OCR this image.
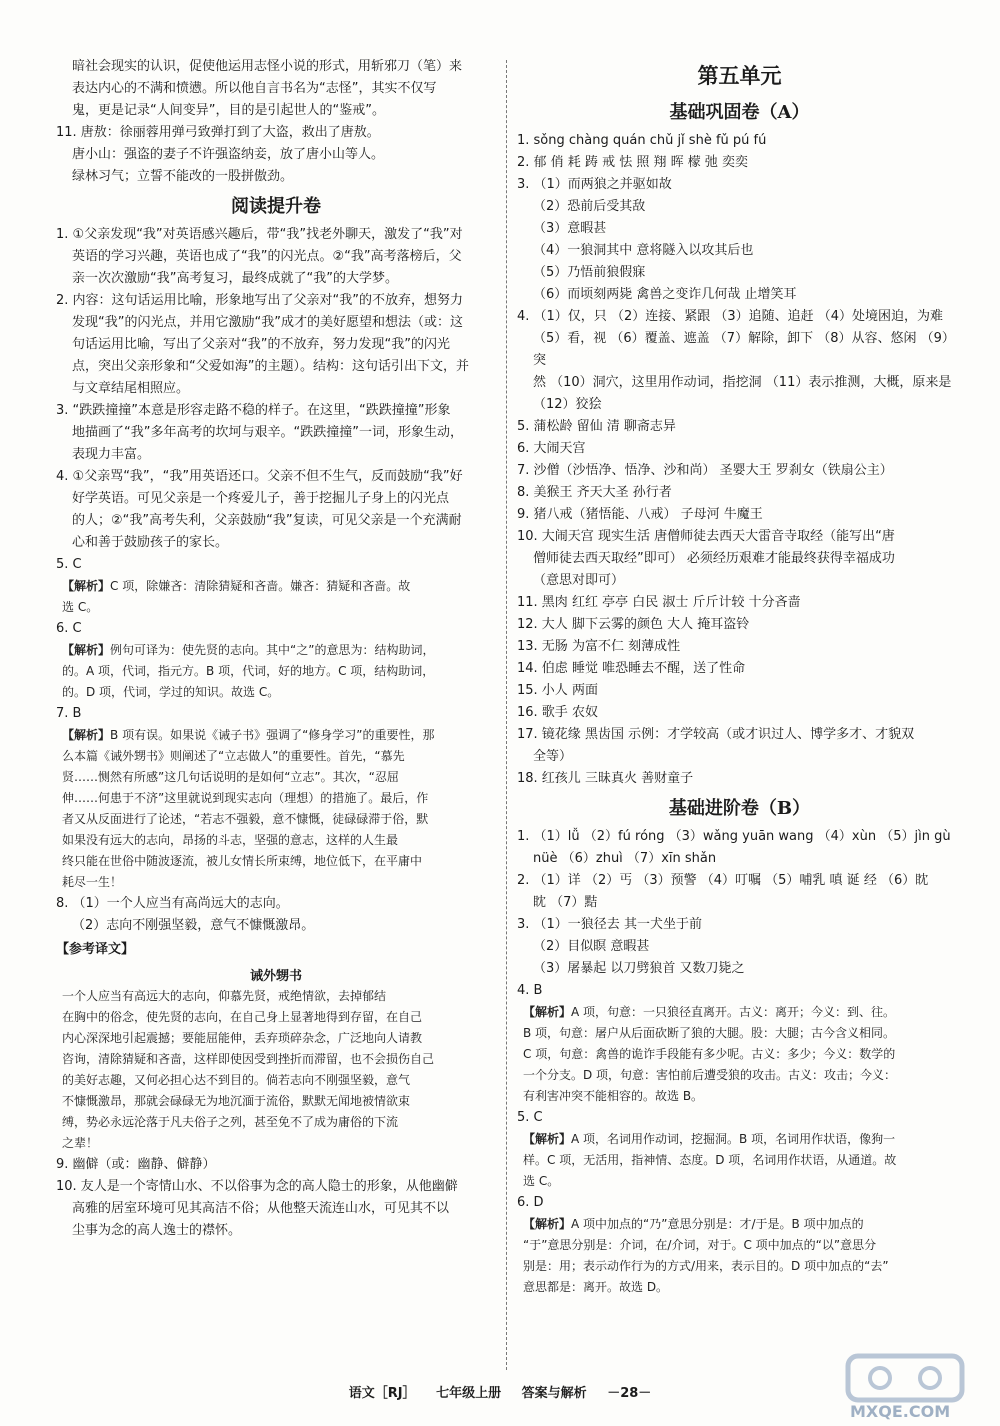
暗社会现实的认识，促使他运用志怪小说的形式，用斩邪刀（笔）来

表达内心的不满和愤懑。所以他自言书名为“志怪”，其实不仅写

鬼，更是记录“人间变异”，目的是引起世人的“鉴戒”。

11. 唐敖：徐丽蓉用弹弓致弹打到了大盗，救出了唐敖。

唐小山：强盗的妻子不许强盗纳妾，放了唐小山等人。

绿林习气；立誓不能改的一股拼傲劲。

阅读提升卷

1. ①父亲发现“我”对英语感兴趣后，带“我”找老外聊天，激发了“我”对

英语的学习兴趣，英语也成了“我”的闪光点。②“我”高考落榜后，父

亲一次次激励“我”高考复习，最终成就了“我”的大学梦。

2. 内容：这句话运用比喻，形象地写出了父亲对“我”的不放弃，想努力

发现“我”的闪光点，并用它激励“我”成才的美好愿望和想法（或：这

句话运用比喻，写出了父亲对“我”的不放弃，努力发现“我”的闪光

点，突出父亲形象和“父爱如海”的主题）。结构：这句话引出下文，并

与文章结尾相照应。

3. “跌跌撞撞”本意是形容走路不稳的样子。在这里，“跌跌撞撞”形象

地描画了“我”多年高考的坎坷与艰辛。“跌跌撞撞”一词，形象生动，

表现力丰富。

4. ①父亲骂“我”，“我”用英语还口。父亲不但不生气，反而鼓励“我”好

好学英语。可见父亲是一个疼爱儿子，善于挖掘儿子身上的闪光点

的人；②“我”高考失利，父亲鼓励“我”复读，可见父亲是一个充满耐

心和善于鼓励孩子的家长。

5. C

【解析】C 项，除嫌吝：清除猜疑和吝啬。嫌吝：猜疑和吝啬。故

选 C。

6. C

【解析】例句可译为：使先贤的志向。其中“之”的意思为：结构助词，

的。A 项，代词，指元方。B 项，代词，好的地方。C 项，结构助词，

的。D 项，代词，学过的知识。故选 C。

7. B

【解析】B 项有误。如果说《诫子书》强调了“修身学习”的重要性，那

么本篇《诫外甥书》则阐述了“立志做人”的重要性。首先，“慕先

贤……恻然有所感”这几句话说明的是如何“立志”。其次，“忍屈

伸……何患于不济”这里就说到现实志向（理想）的措施了。最后，作

者又从反面进行了论述，“若志不强毅，意不慷慨，徒碌碌滞于俗，默

如果没有远大的志向，昂扬的斗志，坚强的意志，这样的人生最

终只能在世俗中随波逐流，被儿女情长所束缚，地位低下，在平庸中

耗尽一生！

8. （1）一个人应当有高尚远大的志向。

（2）志向不刚强坚毅，意气不慷慨激昂。

【参考译文】

诫外甥书

一个人应当有高远大的志向，仰慕先贤，戒绝情欲，去掉郁结

在胸中的俗念，使先贤的志向，在自己身上显著地得到存留，在自己

内心深深地引起震撼；要能屈能伸，丢弃琐碎杂念，广泛地向人请教

咨询，清除猜疑和吝啬，这样即使因受到挫折而滞留，也不会损伤自己

的美好志趣，又何必担心达不到目的。倘若志向不刚强坚毅，意气

不慷慨激昂，那就会碌碌无为地沉湎于流俗，默默无闻地被情欲束

缚，势必永远沦落于凡夫俗子之列，甚至免不了成为庸俗的下流

之辈！

9. 幽僻（或：幽静、僻静）

10. 友人是一个寄情山水、不以俗事为念的高人隐士的形象，从他幽僻

高雅的居室环境可见其高洁不俗；从他整天流连山水，可见其不以

尘事为念的高人逸士的襟怀。

第五单元
基础巩固卷（A）

1. sǒng chàng quán chǔ jǐ shè fǔ pú fú

2. 郁 俏 耗 踌 戒 怯 照 翔 晖 檬 弛 奕奕

3. （1）而两狼之并驱如故

（2）恐前后受其敌

（3）意暇甚

（4）一狼洞其中 意将隧入以攻其后也

（5）乃悟前狼假寐

（6）而顷刻两毙 禽兽之变诈几何哉 止增笑耳

4. （1）仅，只 （2）连接、紧跟 （3）追随、追赶 （4）处境困迫，为难

（5）看，视 （6）覆盖、遮盖 （7）解除，卸下 （8）从容、悠闲 （9）突

然 （10）洞穴，这里用作动词，指挖洞 （11）表示推测，大概，原来是

（12）狡狯

5. 蒲松龄 留仙 清 聊斋志异

6. 大闹天宫

7. 沙僧（沙悟净、悟净、沙和尚） 圣婴大王 罗刹女（铁扇公主）

8. 美猴王 齐天大圣 孙行者

9. 猪八戒（猪悟能、八戒） 子母河 牛魔王

10. 大闹天宫 现实生活 唐僧师徒去西天大雷音寺取经（能写出“唐

僧师徒去西天取经”即可） 必须经历艰难才能最终获得幸福成功

（意思对即可）

11. 黑肉 红红 亭亭 白民 淑士 斤斤计较 十分吝啬

12. 大人 脚下云雾的颜色 大人 掩耳盗铃

13. 无肠 为富不仁 刻薄成性

14. 伯虑 睡觉 唯恐睡去不醒，送了性命

15. 小人 两面

16. 歌手 农奴

17. 镜花缘 黑齿国 示例：才学较高（或才识过人、博学多才、才貌双

全等）

18. 红孩儿 三昧真火 善财童子

基础进阶卷（B）

1. （1）lǚ （2）fú róng （3）wǎng yuān wang （4）xùn （5）jìn gù

nüè （6）zhuì （7）xīn shǎn

2. （1）详 （2）丐 （3）预警 （4）叮嘱 （5）哺乳 嗔 诞 经 （6）眈

眈 （7）黠

3. （1）一狼径去 其一犬坐于前

（2）目似瞑 意暇甚

（3）屠暴起 以刀劈狼首 又数刀毙之

4. B

【解析】A 项，句意：一只狼径直离开。古义：离开；今义：到、往。

B 项，句意：屠户从后面砍断了狼的大腿。股：大腿；古今含义相同。

C 项，句意：禽兽的诡诈手段能有多少呢。古义：多少；今义：数学的

一个分支。D 项，句意：害怕前后遭受狼的攻击。古义：攻击；今义：

有利害冲突不能相容的。故选 B。

5. C

【解析】A 项，名词用作动词，挖掘洞。B 项，名词用作状语，像狗一

样。C 项，无活用，指神情、态度。D 项，名词用作状语，从通道。故

选 C。

6. D

【解析】A 项中加点的“乃”意思分别是：才/于是。B 项中加点的

“于”意思分别是：介词，在/介词，对于。C 项中加点的“以”意思分

别是：用；表示动作行为的方式/用来，表示目的。D 项中加点的“去”

意思都是：离开。故选 D。

语文［RJ］ 七年级上册 答案与解析 －28－
MXQE.COM
